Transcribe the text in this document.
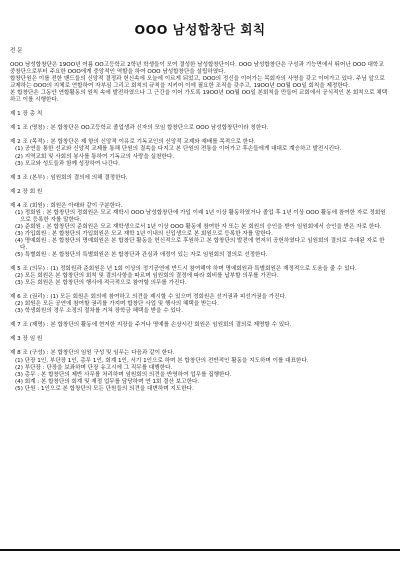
OOO 남성합창단 회칙
전 문
OOO 남성합창단은 19OO년 여름 OO고등학교 2학년 학생들이 모여 결성한 남성합창단이다. OOO 남성합창단은 구성과 기능면에서 뛰어난 OOO 대학교 중창단으로부터 주요한 OOO에게 중앙적인 역할을 하여 OOO 남성합창단을 설립하였다.
합창단원은 이를 전한 밴드들의 신앙적 결정과 헌신속에 오늘에 이르게 되었고, OOO의 정신을 이어가는 목회자의 사명을 갖고 이어가고 있다. 주님 앞으로 교제하는 OOO의 지체로 연합하여 자부심 그리고 회칙의 규칙을 지키어 이에 필요한 조직을 갖추고, 19OO년 OO월 OO일 회칙을 제정한다.
본 합창단은 그동안 연합활동의 원칙 속에 발전하였으나 그 근간을 이어 가도록 19OO년 OO월 OO일 본회칙을 만들어 교회에서 공식적인 본 회칙으로 채택하고 이를 시행한다.
제 1 장 총 칙
제 1 조 (명칭) : 본 합창단은 OO고등학교 졸업생과 신자의 모임 합창단으로 OOO 남성합창단이라 칭한다.
제 2 조 (목적) : 본 합창단은 제 항의 신앙적 이유로 기독교인의 신앙적 교제와 예배를 목적으로 한다.
(1) 공연을 통한 선교와 신앙적 교제를 통해 단원의 결속을 다지고 본 단원의 전통을 이어가고 후손들에게 대대로 계승하고 발전시킨다.
(2) 지역교회 및 사회의 봉사를 통하여 기독교의 사랑을 실천한다.
(3) 모교와 성도들과 함께 성장하여 나간다.
제 3 조 (본부) : 임원회의 결의에 의해 결정한다.
제 2 장 회 원
제 4 조 (회원) : 회원은 아래와 같이 구분한다.
(1) 정회원 : 본 합창단의 정회원은 모교 재학시 OOO 남성합창단에 가입 이래 1년 이상 활동하였거나 졸업 후 1년 이상 OOO 활동에 참여한 자로 정회원으로 등록한 자를 말한다.
(2) 준회원 : 본 합창단의 준회원은 모교 재학생으로서 1년 이상 OOO 활동에 참여한 자 또는 본 회원의 승인을 받아 임원회에서 승인을 받은 자로 한다.
(3) 가입회원 : 본 합창단의 가입회원은 모교 재학 1년 이내의 신입생으로 본 회원으로 등록한 자를 말한다.
(4) 명예회원 : 본 합창단의 명예회원은 본 합창단 활동을 헌신적으로 후원하고 본 합창단의 발전에 현저히 공헌하였다고 임원회의 결의로 추대된 자로 한다.
(5) 특별회원 : 본 합창단의 특별회원은 본 합창단과 관심과 애정이 있는 자로 임원회의 결의로 선정한다.
제 5 조 (의무) : (1) 정회원과 준회원은 년 1회 이상의 정기공연에 반드시 참여해야 하며 명예회원과 특별회원은 재정적으로 도움을 줄 수 있다.
(2) 모든 회원은 본 합창단의 회칙 및 결의사항을 따르며 임원회의 결정에 따라 회비를 납부할 의무를 가진다.
(3) 모든 회원은 본 합창단의 행사에 적극적으로 참여할 의무를 가진다.
제 6 조 (권리) : (1) 모든 회원은 회의에 참여하고 의견을 제시할 수 있으며 정회원은 선거권과 피선거권을 가진다.
(2) 회원은 모든 공연에 참여할 권리를 가지며 합창단 사업 및 행사의 혜택을 받는다.
(3) 학생회원의 경우 소정의 절차를 거쳐 장학금 혜택을 받을 수 있다.
제 7 조 (제명) : 본 합창단의 활동에 현저한 지장을 주거나 명예를 손상시킨 회원은 임원회의 결의로 제명할 수 있다.
제 3 장 임 원
제 8 조 (구성) : 본 합창단의 임원 구성 및 임무는 다음과 같이 한다.
(1) 단장 1인, 부단장 1인, 총무 1인, 회계 1인, 서기 1인으로 하며 본 합창단의 전반적인 활동을 지도하며 이를 대표한다.
(2) 부단장 : 단장을 보좌하며 단장 유고시에 그 직무를 대행한다.
(3) 총무 : 본 합창단의 제반 사무를 처리하며 임원회의 의견을 반영하여 업무를 집행한다.
(4) 회계 : 본 합창단의 회계 및 재정 업무를 담당하며 연 1회 결산 보고한다.
(5) 단원 : 1인으로 본 합창단의 모든 단원들의 의견을 대변하며 지도한다.
